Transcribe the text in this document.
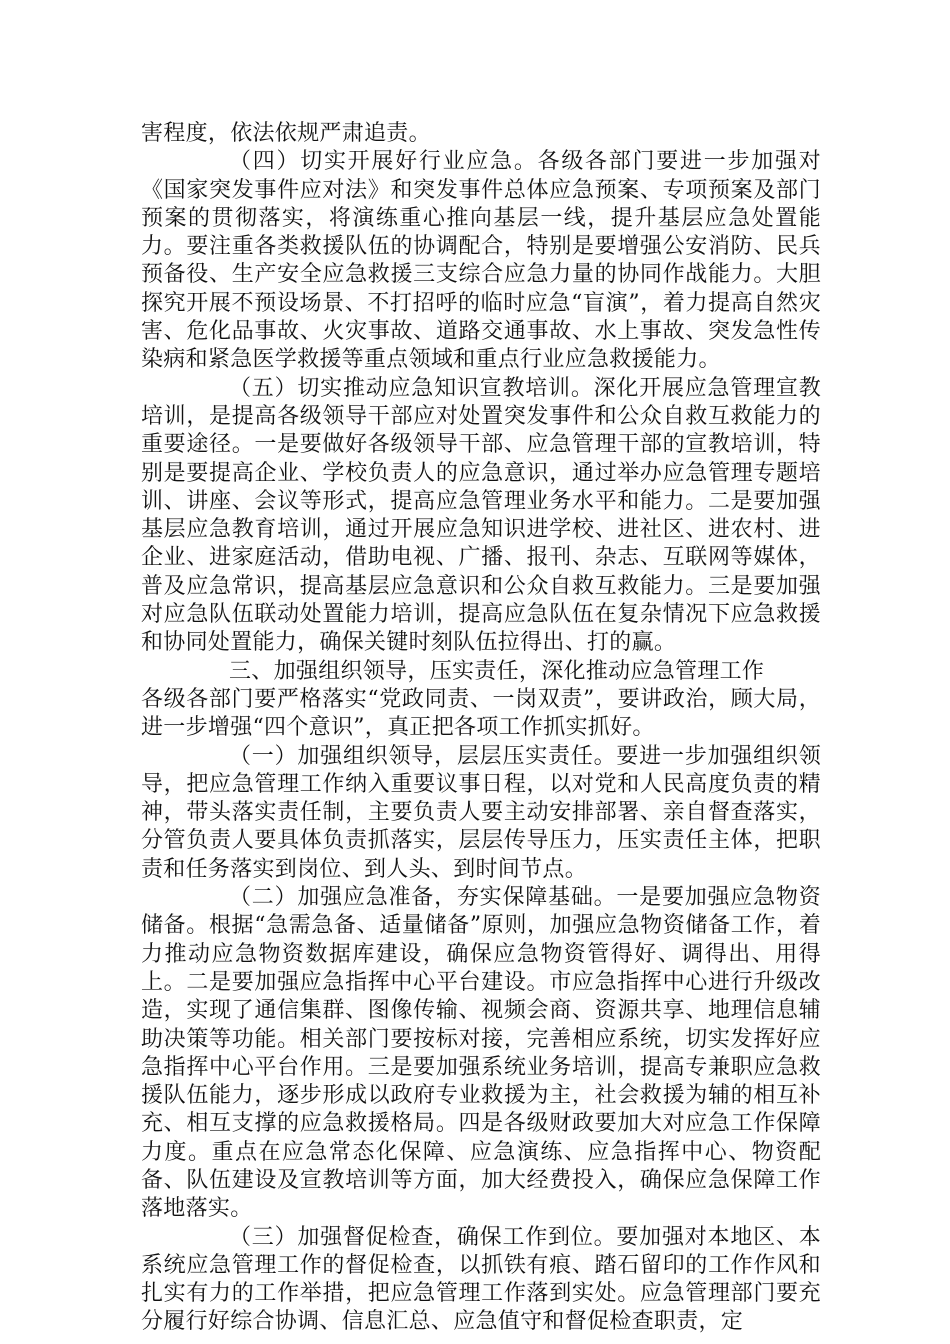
害程度，依法依规严肃追责。

（四）切实开展好行业应急。各级各部门要进一步加强对《国家突发事件应对法》和突发事件总体应急预案、专项预案及部门预案的贯彻落实，将演练重心推向基层一线，提升基层应急处置能力。要注重各类救援队伍的协调配合，特别是要增强公安消防、民兵预备役、生产安全应急救援三支综合应急力量的协同作战能力。大胆探究开展不预设场景、不打招呼的临时应急“盲演”，着力提高自然灾害、危化品事故、火灾事故、道路交通事故、水上事故、突发急性传染病和紧急医学救援等重点领域和重点行业应急救援能力。

（五）切实推动应急知识宣教培训。深化开展应急管理宣教培训，是提高各级领导干部应对处置突发事件和公众自救互救能力的重要途径。一是要做好各级领导干部、应急管理干部的宣教培训，特别是要提高企业、学校负责人的应急意识，通过举办应急管理专题培训、讲座、会议等形式，提高应急管理业务水平和能力。二是要加强基层应急教育培训，通过开展应急知识进学校、进社区、进农村、进企业、进家庭活动，借助电视、广播、报刊、杂志、互联网等媒体，普及应急常识，提高基层应急意识和公众自救互救能力。三是要加强对应急队伍联动处置能力培训，提高应急队伍在复杂情况下应急救援和协同处置能力，确保关键时刻队伍拉得出、打的赢。

三、加强组织领导，压实责任，深化推动应急管理工作

各级各部门要严格落实“党政同责、一岗双责”，要讲政治，顾大局，进一步增强“四个意识”，真正把各项工作抓实抓好。

（一）加强组织领导，层层压实责任。要进一步加强组织领导，把应急管理工作纳入重要议事日程，以对党和人民高度负责的精神，带头落实责任制，主要负责人要主动安排部署、亲自督查落实，分管负责人要具体负责抓落实，层层传导压力，压实责任主体，把职责和任务落实到岗位、到人头、到时间节点。

（二）加强应急准备，夯实保障基础。一是要加强应急物资储备。根据“急需急备、适量储备”原则，加强应急物资储备工作，着力推动应急物资数据库建设，确保应急物资管得好、调得出、用得上。二是要加强应急指挥中心平台建设。市应急指挥中心进行升级改造，实现了通信集群、图像传输、视频会商、资源共享、地理信息辅助决策等功能。相关部门要按标对接，完善相应系统，切实发挥好应急指挥中心平台作用。三是要加强系统业务培训，提高专兼职应急救援队伍能力，逐步形成以政府专业救援为主，社会救援为辅的相互补充、相互支撑的应急救援格局。四是各级财政要加大对应急工作保障力度。重点在应急常态化保障、应急演练、应急指挥中心、物资配备、队伍建设及宣教培训等方面，加大经费投入，确保应急保障工作落地落实。

（三）加强督促检查，确保工作到位。要加强对本地区、本系统应急管理工作的督促检查，以抓铁有痕、踏石留印的工作作风和扎实有力的工作举措，把应急管理工作落到实处。应急管理部门要充分履行好综合协调、信息汇总、应急值守和督促检查职责，定
